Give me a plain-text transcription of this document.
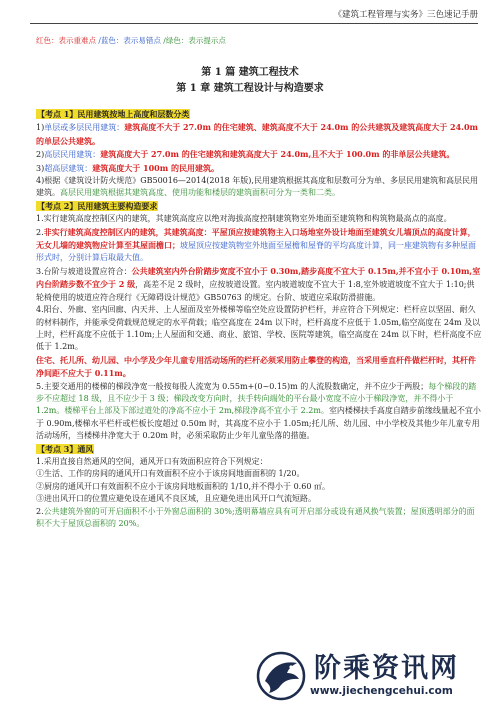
《建筑工程管理与实务》三色速记手册
红色：表示重难点 /蓝色：表示易错点 /绿色：表示提示点
第 1 篇 建筑工程技术
第 1 章 建筑工程设计与构造要求

【考点 1】民用建筑按地上高度和层数分类

1)单层或多层民用建筑：建筑高度不大于 27.0m 的住宅建筑、建筑高度不大于 24.0m 的公共建筑及建筑高度大于 24.0m 的单层公共建筑。

2)高层民用建筑：建筑高度大于 27.0m 的住宅建筑和建筑高度大于 24.0m,且不大于 100.0m 的非单层公共建筑。

3)超高层建筑：建筑高度大于 100m 的民用建筑。

4)根据《建筑设计防火规范》GB50016—2014(2018 年版),民用建筑根据其高度和层数可分为单、多层民用建筑和高层民用建筑。高层民用建筑根据其建筑高度、使用功能和楼层的建筑面积可分为一类和二类。

【考点 2】民用建筑主要构造要求

1.实行建筑高度控制区内的建筑，其建筑高度应以绝对海拔高度控制建筑物室外地面至建筑物和构筑物最高点的高度。

2.非实行建筑高度控制区内的建筑，其建筑高度：平屋顶应按建筑物主入口场地室外设计地面至建筑女儿墙顶点的高度计算，无女儿墙的建筑物应计算至其屋面檐口；坡屋顶应按建筑物室外地面至屋檐和屋脊的平均高度计算，同一座建筑物有多种屋面形式时，分别计算后取最大值。

3.台阶与坡道设置应符合：公共建筑室内外台阶踏步宽度不宜小于 0.30m,踏步高度不宜大于 0.15m,并不宜小于 0.10m,室内台阶踏步数不宜少于 2 级，高差不足 2 级时，应按坡道设置。室内坡道坡度不宜大于 1:8,室外坡道坡度不宜大于 1:10;供轮椅使用的坡道应符合现行《无障碍设计规范》GB50763 的规定。台阶、坡道应采取防滑措施。

4.阳台、外廊、室内回廊、内天井、上人屋面及室外楼梯等临空处应设置防护栏杆，并应符合下列规定：栏杆应以坚固、耐久的材料制作，并能承受荷载规范规定的水平荷载；临空高度在 24m 以下时，栏杆高度不应低于 1.05m,临空高度在 24m 及以上时，栏杆高度不应低于 1.10m;上人屋面和交通、商业、旅馆、学校、医院等建筑，临空高度在 24m 以下时，栏杆高度不应低于 1.2m。

住宅、托儿所、幼儿园、中小学及少年儿童专用活动场所的栏杆必须采用防止攀登的构造，当采用垂直杆件做栏杆时，其杆件净间距不应大于 0.11m。

5.主要交通用的楼梯的梯段净宽一般按每股人流宽为 0.55m+(0~0.15)m 的人流股数确定，并不应少于两股；每个梯段的踏步不应超过 18 级，且不应少于 3 级；梯段改变方向时，扶手转向端处的平台最小宽度不应小于梯段净宽，并不得小于 1.2m。楼梯平台上部及下部过道处的净高不应小于 2m,梯段净高不宜小于 2.2m。室内楼梯扶手高度自踏步前缘线量起不宜小于 0.90m,楼梯水平栏杆或栏板长度超过 0.50m 时，其高度不应小于 1.05m;托儿所、幼儿园、中小学校及其他少年儿童专用活动场所，当楼梯井净宽大于 0.20m 时，必须采取防止少年儿童坠落的措施。

【考点 3】通风

1.采用直接自然通风的空间，通风开口有效面积应符合下列规定：

①生活、工作的房间的通风开口有效面积不应小于该房间地面面积的 1/20。

②厨房的通风开口有效面积不应小于该房间地板面积的 1/10,并不得小于 0.60 ㎡。

③进出风开口的位置应避免设在通风不良区域，且应避免进出风开口气流短路。

2.公共建筑外窗的可开启面积不小于外窗总面积的 30%;透明幕墙应具有可开启部分或设有通风换气装置；屋顶透明部分的面积不大于屋顶总面积的 20%。

阶乘资讯网
www.jiechengcehui.com
